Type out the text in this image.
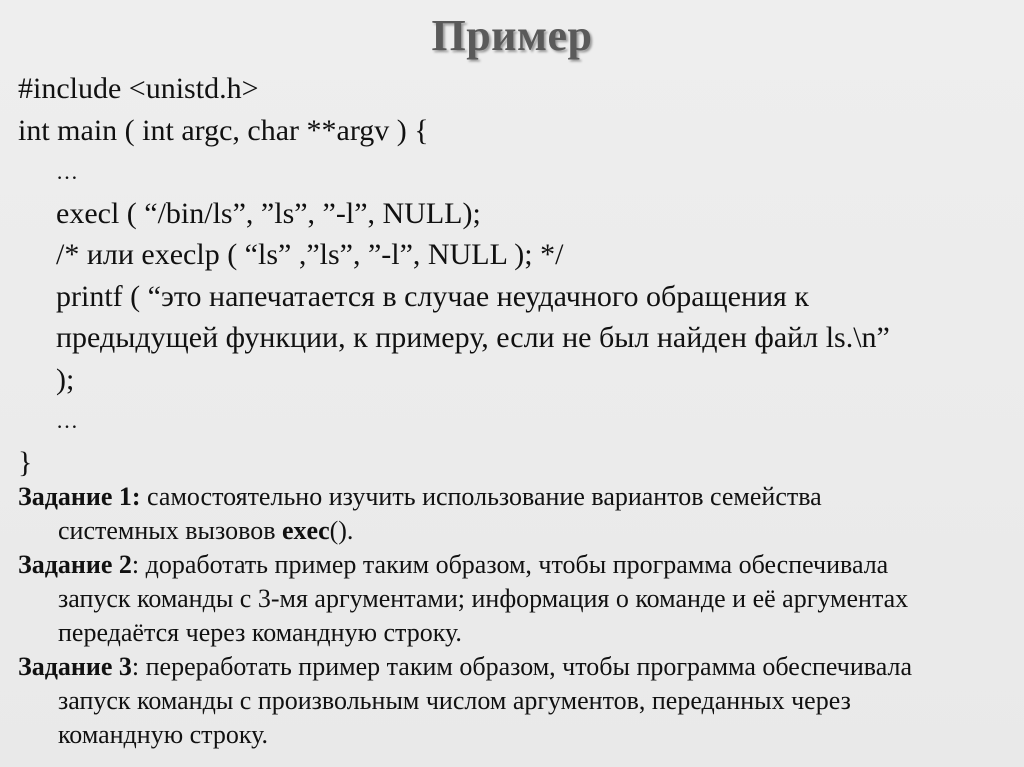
Пример
#include <unistd.h>
int main ( int argc, char **argv ) {
…
execl ( “/bin/ls”, ”ls”, ”-l”, NULL);
/* или execlp ( “ls” ,”ls”, ”-l”, NULL ); */
printf ( “это напечатается в случае неудачного обращения к
предыдущей функции, к примеру, если не был найден файл ls.\n”
);
…
}
Задание 1: самостоятельно изучить использование вариантов семейства
системных вызовов exec().
Задание 2: доработать пример таким образом, чтобы программа обеспечивала
запуск команды с 3-мя аргументами; информация о команде и её аргументах
передаётся через командную строку.
Задание 3: переработать пример таким образом, чтобы программа обеспечивала
запуск команды с произвольным числом аргументов, переданных через
командную строку.
